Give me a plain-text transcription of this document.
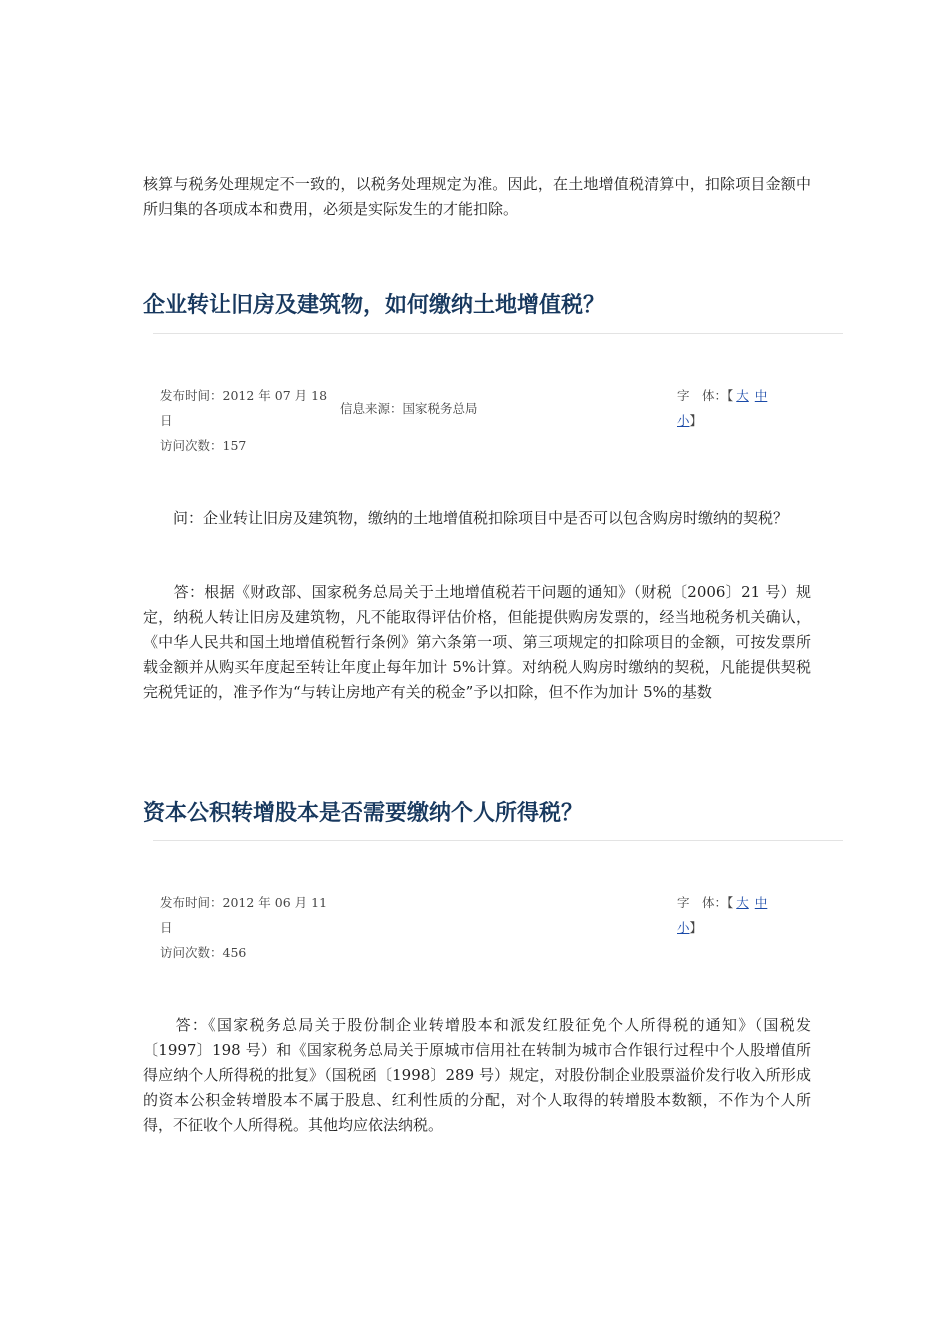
核算与税务处理规定不一致的，以税务处理规定为准。因此，在土地增值税清算中，扣除项目金额中所归集的各项成本和费用，必须是实际发生的才能扣除。

企业转让旧房及建筑物，如何缴纳土地增值税？
发布时间：2012 年 07 月 18 日
访问次数：157
信息来源：国家税务总局
字　体：【 大 中
小】

　　问：企业转让旧房及建筑物，缴纳的土地增值税扣除项目中是否可以包含购房时缴纳的契税？

　　答：根据《财政部、国家税务总局关于土地增值税若干问题的通知》（财税〔2006〕21 号）规定，纳税人转让旧房及建筑物，凡不能取得评估价格，但能提供购房发票的，经当地税务机关确认，《中华人民共和国土地增值税暂行条例》第六条第一项、第三项规定的扣除项目的金额，可按发票所载金额并从购买年度起至转让年度止每年加计 5%计算。对纳税人购房时缴纳的契税，凡能提供契税完税凭证的，准予作为“与转让房地产有关的税金”予以扣除，但不作为加计 5%的基数

资本公积转增股本是否需要缴纳个人所得税？
发布时间：2012 年 06 月 11 日
访问次数：456
字　体：【 大 中
小】

　　答：《国家税务总局关于股份制企业转增股本和派发红股征免个人所得税的通知》（国税发〔1997〕198 号）和《国家税务总局关于原城市信用社在转制为城市合作银行过程中个人股增值所得应纳个人所得税的批复》（国税函〔1998〕289 号）规定，对股份制企业股票溢价发行收入所形成的资本公积金转增股本不属于股息、红利性质的分配，对个人取得的转增股本数额，不作为个人所得，不征收个人所得税。其他均应依法纳税。
